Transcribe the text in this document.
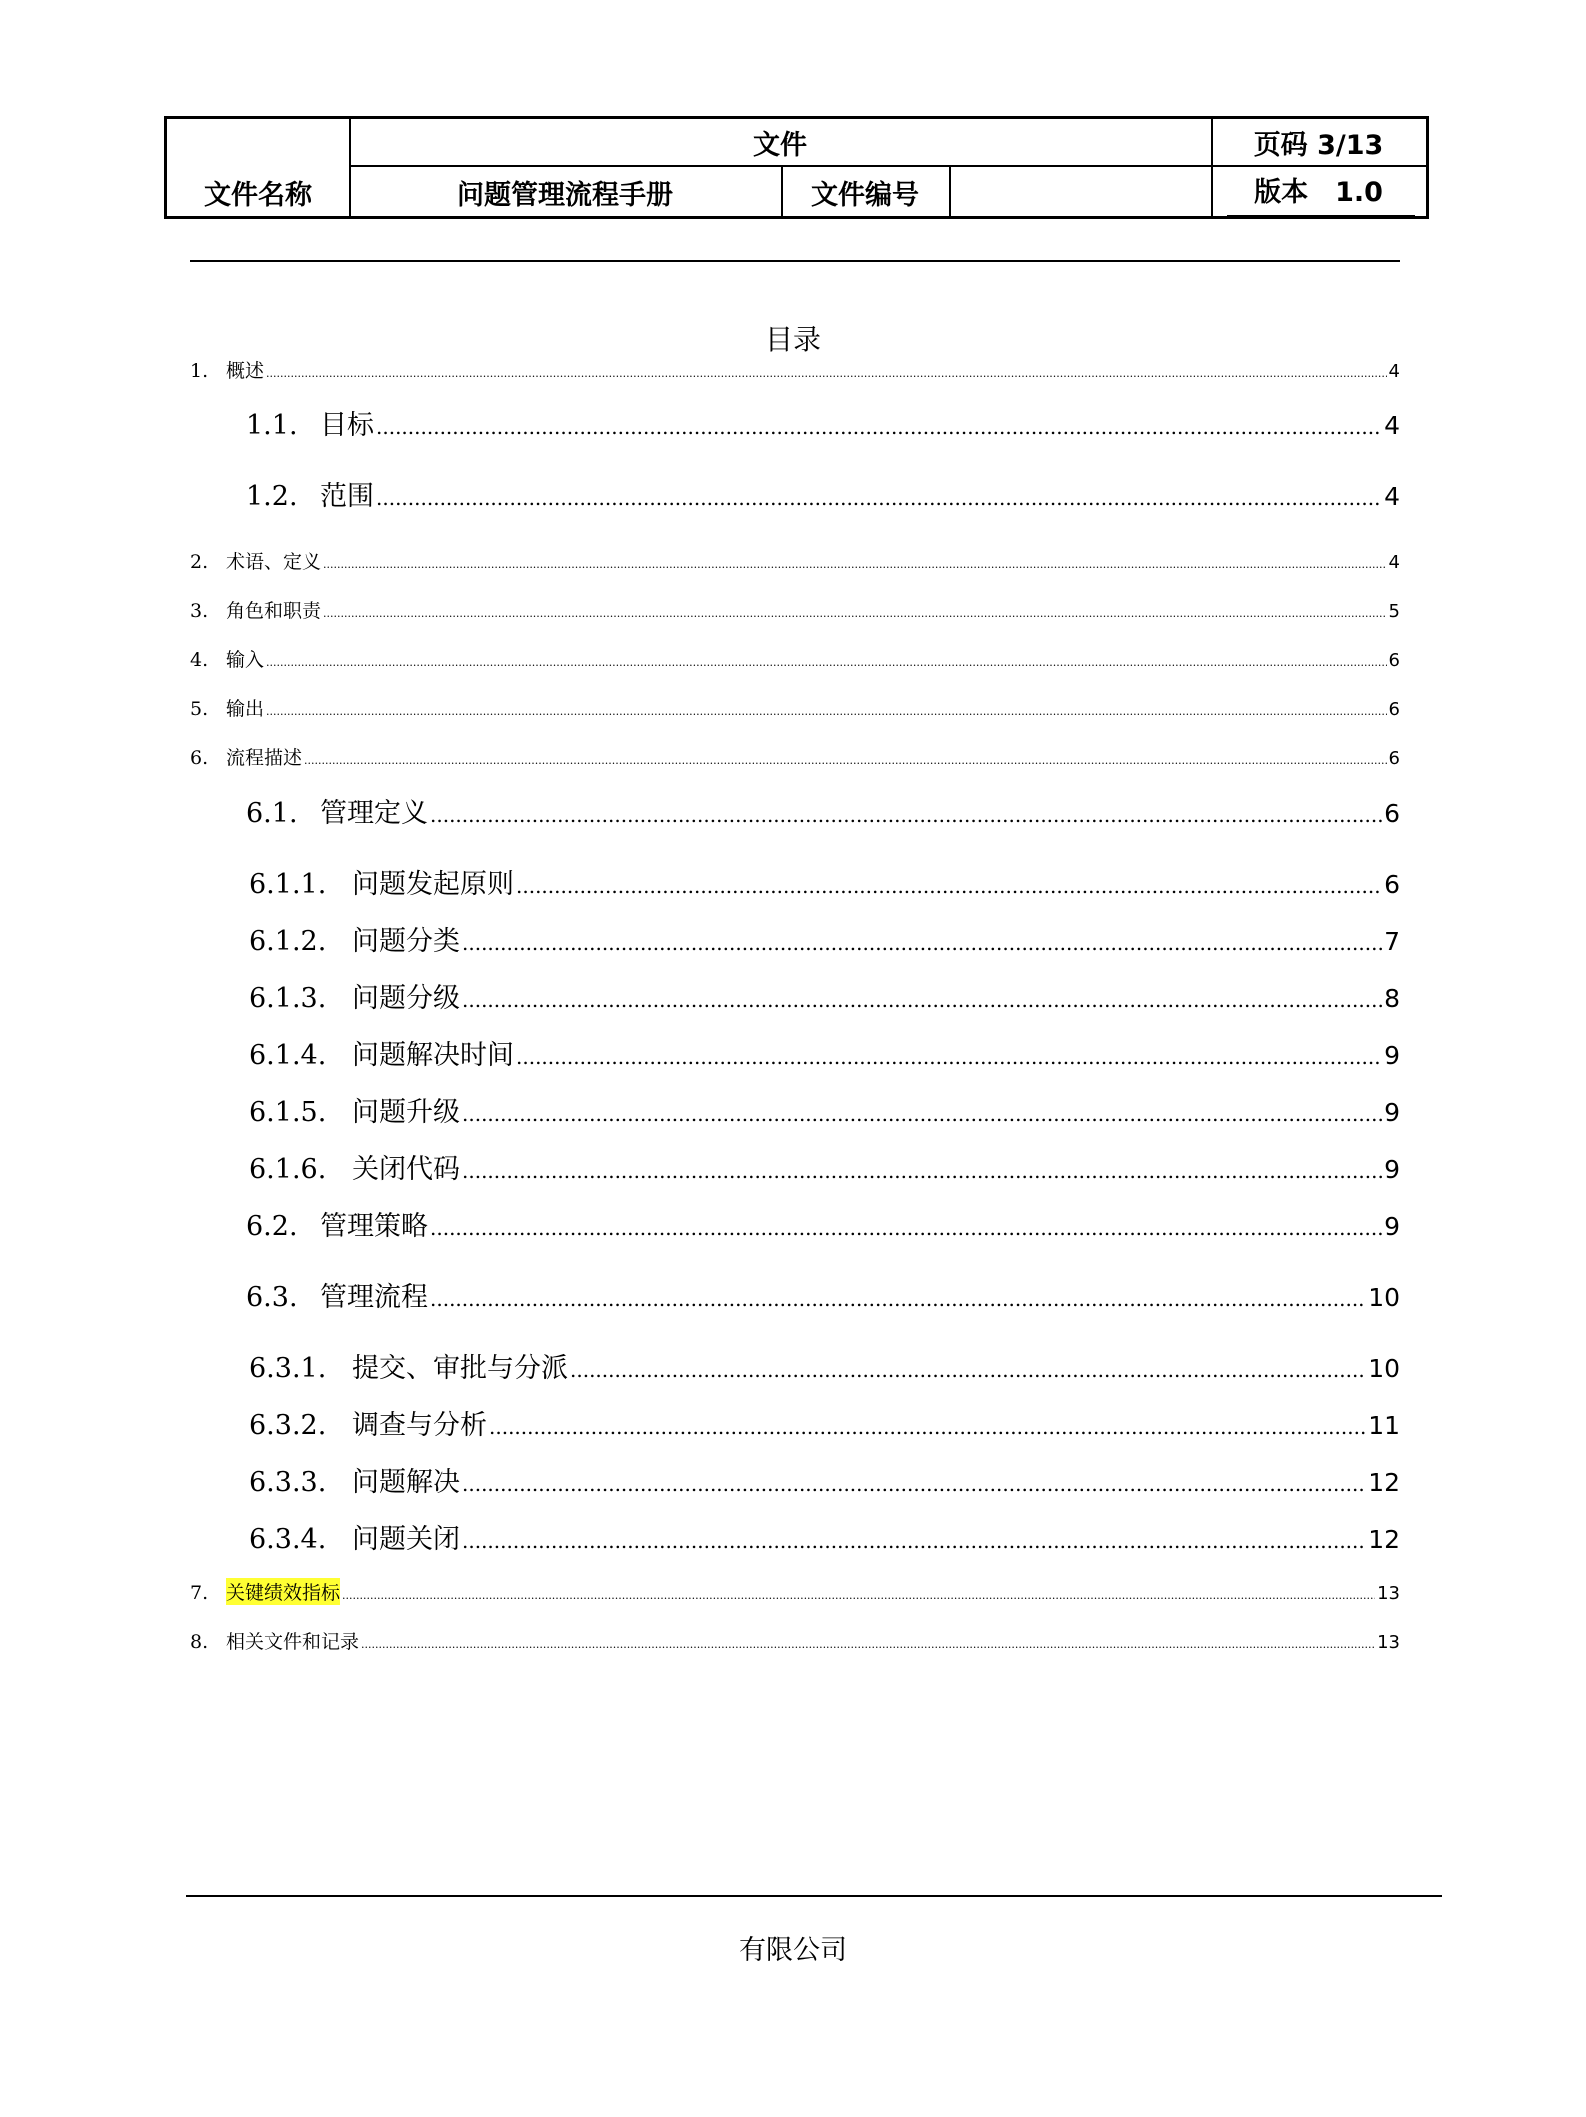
文件	页码 3/13
文件名称	问题管理流程手册	文件编号	版本　1.0
目录
1. 概述 .....	4
1.1. 目标 .....	4
1.2. 范围 .....	4
2. 术语、定义 .....	4
3. 角色和职责 .....	5
4. 输入 .....	6
5. 输出 .....	6
6. 流程描述 .....	6
6.1. 管理定义 .....	6
6.1.1. 问题发起原则 .....	6
6.1.2. 问题分类 .....	7
6.1.3. 问题分级 .....	8
6.1.4. 问题解决时间 .....	9
6.1.5. 问题升级 .....	9
6.1.6. 关闭代码 .....	9
6.2. 管理策略 .....	9
6.3. 管理流程 .....	10
6.3.1. 提交、审批与分派 .....	10
6.3.2. 调查与分析 .....	11
6.3.3. 问题解决 .....	12
6.3.4. 问题关闭 .....	12
7. 关键绩效指标 .....	13
8. 相关文件和记录 .....	13
有限公司
